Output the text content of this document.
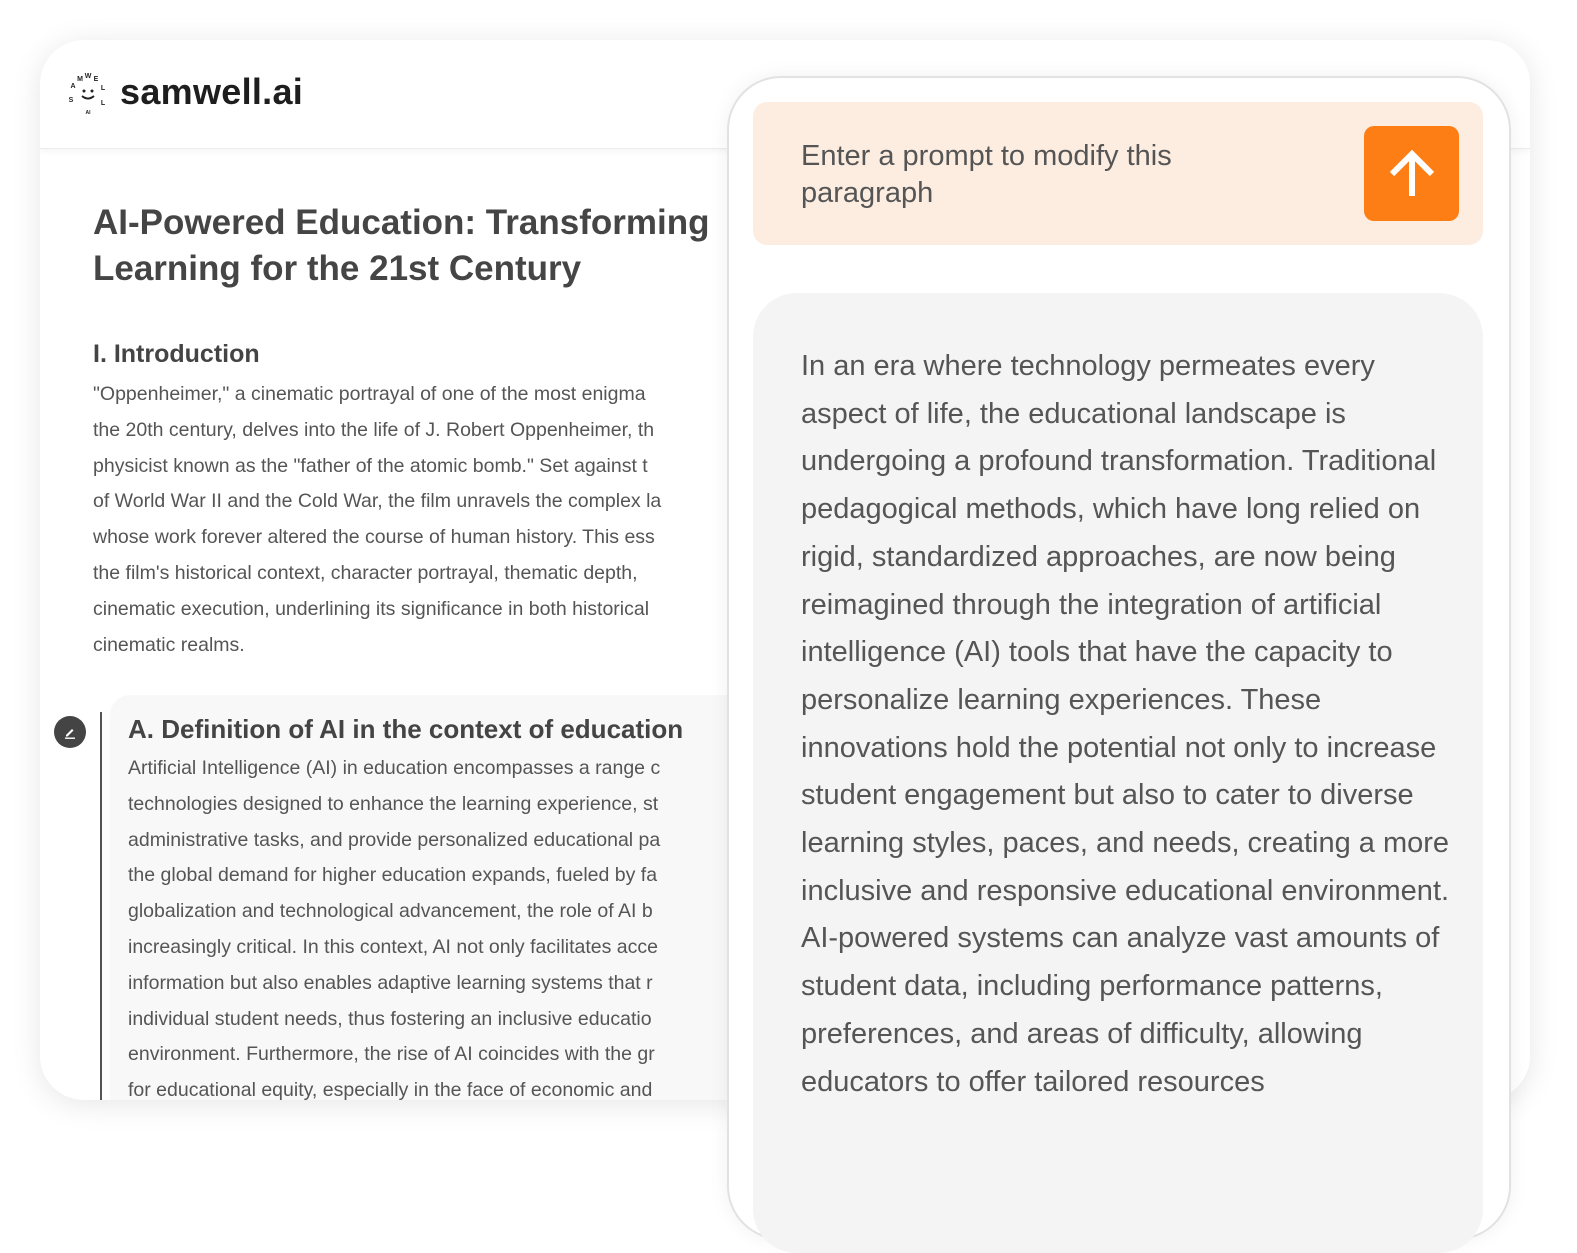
W
M E
A	L
S
AI
L samwell.ai
AI-Powered Education: Transforming
Learning for the 21st Century
I. Introduction
"Oppenheimer," a cinematic portrayal of one of the most enigma
the 20th century, delves into the life of J. Robert Oppenheimer, th
physicist known as the "father of the atomic bomb." Set against t
of World War II and the Cold War, the film unravels the complex la
whose work forever altered the course of human history. This ess
the film's historical context, character portrayal, thematic depth,
cinematic execution, underlining its significance in both historical
cinematic realms.
A. Definition of AI in the context of education
Artificial Intelligence (AI) in education encompasses a range c
technologies designed to enhance the learning experience, st
administrative tasks, and provide personalized educational pa
the global demand for higher education expands, fueled by fa
globalization and technological advancement, the role of AI b
increasingly critical. In this context, AI not only facilitates acce
information but also enables adaptive learning systems that r
individual student needs, thus fostering an inclusive educatio
environment. Furthermore, the rise of AI coincides with the gr
for educational equity, especially in the face of economic and
Enter a prompt to modify this paragraph
In an era where technology permeates every aspect of life, the educational landscape is undergoing a profound transformation. Traditional pedagogical methods, which have long relied on rigid, standardized approaches, are now being reimagined through the integration of artificial intelligence (AI) tools that have the capacity to personalize learning experiences. These innovations hold the potential not only to increase student engagement but also to cater to diverse learning styles, paces, and needs, creating a more inclusive and responsive educational environment. AI-powered systems can analyze vast amounts of student data, including performance patterns, preferences, and areas of difficulty, allowing educators to offer tailored resources
